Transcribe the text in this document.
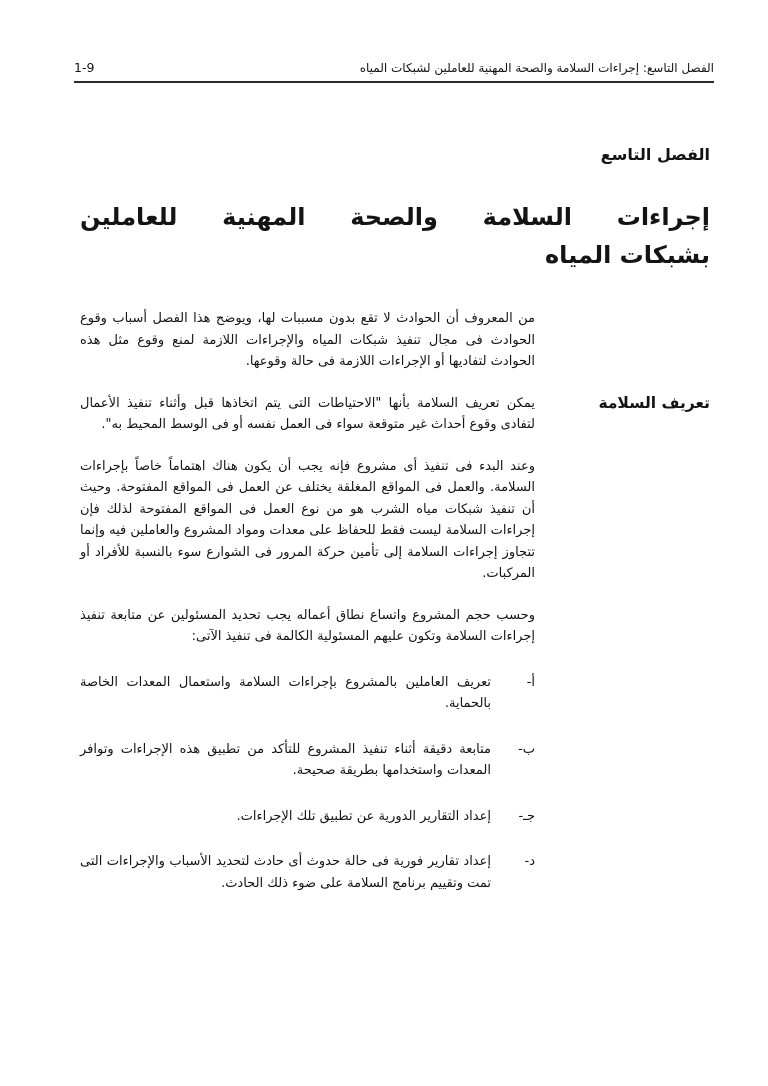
الفصل التاسع: إجراءات السلامة والصحة المهنية للعاملين لشبكات المياه
1-9
الفصل التاسع
إجراءات السلامة والصحة المهنية للعاملين
بشبكات المياه
من المعروف أن الحوادث لا تقع بدون مسببات لها، ويوضح هذا الفصل أسباب وقوع الحوادث فى مجال تنفيذ شبكات المياه والإجراءات اللازمة لمنع وقوع مثل هذه الحوادث لتفاديها أو الإجراءات اللازمة فى حالة وقوعها.
تعريف السلامة
يمكن تعريف السلامة بأنها "الاحتياطات التى يتم اتخاذها قبل وأثناء تنفيذ الأعمال لتفادى وقوع أحداث غير متوقعة سواء فى العمل نفسه أو فى الوسط المحيط به".
وعند البدء فى تنفيذ أى مشروع فإنه يجب أن يكون هناك اهتماماً خاصاً بإجراءات السلامة. والعمل فى المواقع المغلقة يختلف عن العمل فى المواقع المفتوحة. وحيث أن تنفيذ شبكات مياه الشرب هو من نوع العمل فى المواقع المفتوحة لذلك فإن إجراءات السلامة ليست فقط للحفاظ على معدات ومواد المشروع والعاملين فيه وإنما تتجاوز إجراءات السلامة إلى تأمين حركة المرور فى الشوارع سوء بالنسبة للأفراد أو المركبات.
وحسب حجم المشروع واتساع نطاق أعماله يجب تحديد المسئولين عن متابعة تنفيذ إجراءات السلامة وتكون عليهم المسئولية الكالمة فى تنفيذ الآتى:
أ-
تعريف العاملين بالمشروع بإجراءات السلامة واستعمال المعدات الخاصة بالحماية.
ب-
متابعة دقيقة أثناء تنفيذ المشروع للتأكد من تطبيق هذه الإجراءات وتوافر المعدات واستخدامها بطريقة صحيحة.
جـ-
إعداد التقارير الدورية عن تطبيق تلك الإجراءات.
د-
إعداد تقارير فورية فى حالة حدوث أى حادث لتحديد الأسباب والإجراءات التى تمت وتقييم برنامج السلامة على ضوء ذلك الحادث.
